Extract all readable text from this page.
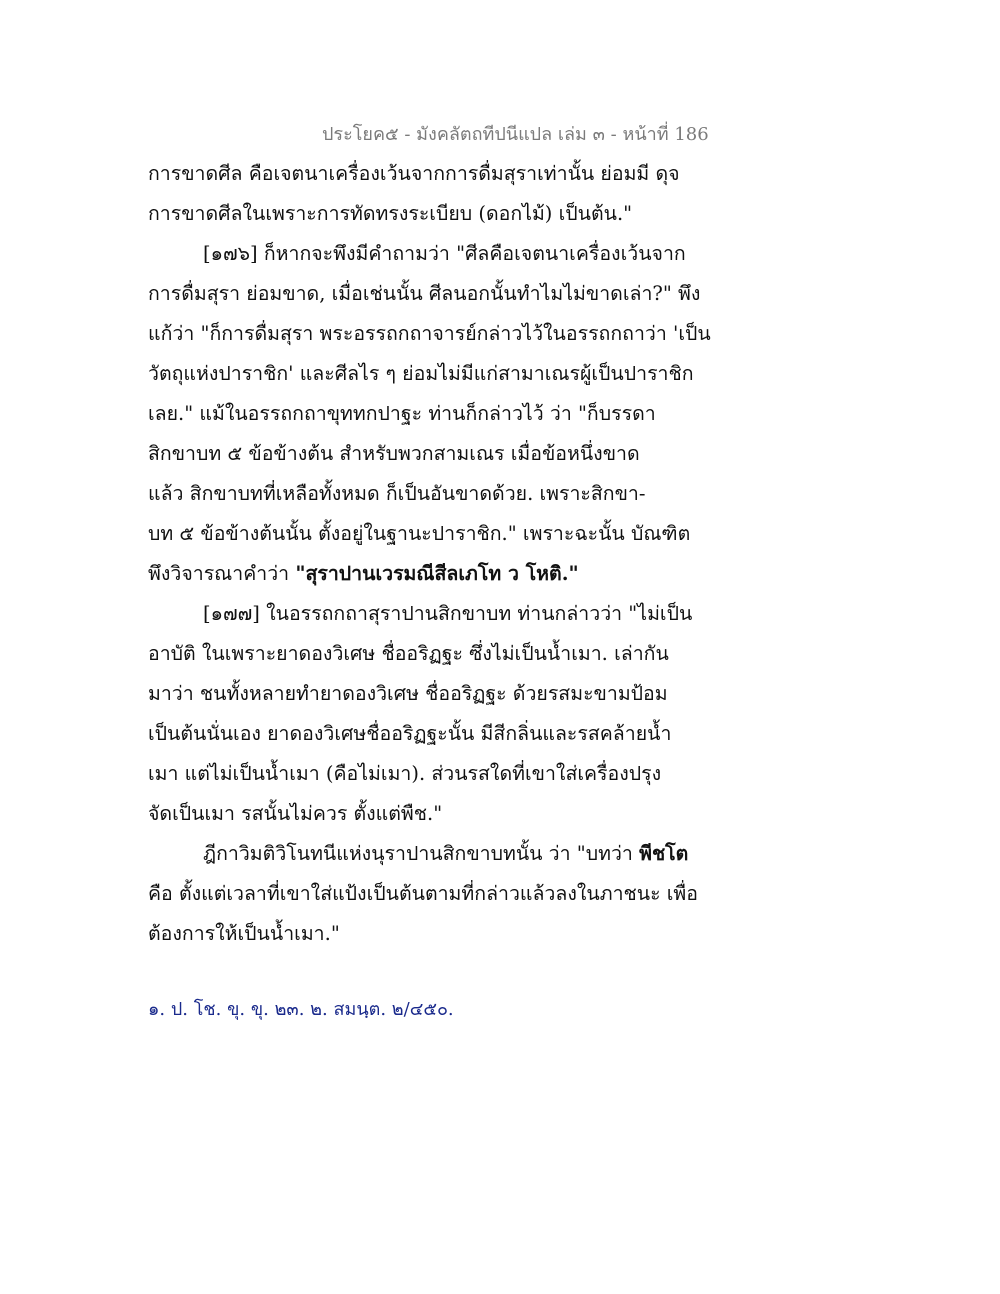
ประโยค๕ - มังคลัตถทีปนีแปล เล่ม ๓ - หน้าที่ 186
การขาดศีล คือเจตนาเครื่องเว้นจากการดื่มสุราเท่านั้น ย่อมมี ดุจ
การขาดศีลในเพราะการทัดทรงระเบียบ (ดอกไม้) เป็นต้น."
[๑๗๖] ก็หากจะพึงมีคำถามว่า "ศีลคือเจตนาเครื่องเว้นจาก
การดื่มสุรา ย่อมขาด, เมื่อเช่นนั้น ศีลนอกนั้นทำไมไม่ขาดเล่า?" พึง
แก้ว่า "ก็การดื่มสุรา พระอรรถกถาจารย์กล่าวไว้ในอรรถกถาว่า 'เป็น
วัตถุแห่งปาราชิก' และศีลไร ๆ ย่อมไม่มีแก่สามาเณรผู้เป็นปาราชิก
เลย." แม้ในอรรถกถาขุททกปาฐะ ท่านก็กล่าวไว้ ว่า "ก็บรรดา
สิกขาบท ๕ ข้อข้างต้น สำหรับพวกสามเณร เมื่อข้อหนึ่งขาด
แล้ว สิกขาบทที่เหลือทั้งหมด ก็เป็นอันขาดด้วย. เพราะสิกขา-
บท ๕ ข้อข้างต้นนั้น ตั้งอยู่ในฐานะปาราชิก." เพราะฉะนั้น บัณฑิต
พึงวิจารณาคำว่า "สุราปานเวรมณีสีลเภโท ว โหติ."
[๑๗๗] ในอรรถกถาสุราปานสิกขาบท ท่านกล่าวว่า "ไม่เป็น
อาบัติ ในเพราะยาดองวิเศษ ชื่ออริฏฐะ ซึ่งไม่เป็นน้ำเมา. เล่ากัน
มาว่า ชนทั้งหลายทำยาดองวิเศษ ชื่ออริฏฐะ ด้วยรสมะขามป้อม
เป็นต้นนั่นเอง ยาดองวิเศษชื่ออริฏฐะนั้น มีสีกลิ่นและรสคล้ายน้ำ
เมา แต่ไม่เป็นน้ำเมา (คือไม่เมา). ส่วนรสใดที่เขาใส่เครื่องปรุง
จัดเป็นเมา รสนั้นไม่ควร ตั้งแต่พืช."
ฎีกาวิมติวิโนทนีแห่งนุราปานสิกขาบทนั้น ว่า "บทว่า พีชโต
คือ ตั้งแต่เวลาที่เขาใส่แป้งเป็นต้นตามที่กล่าวแล้วลงในภาชนะ เพื่อ
ต้องการให้เป็นน้ำเมา."
๑. ป. โช. ขุ. ขุ. ๒๓. ๒. สมนฺต. ๒/๔๕๐.
